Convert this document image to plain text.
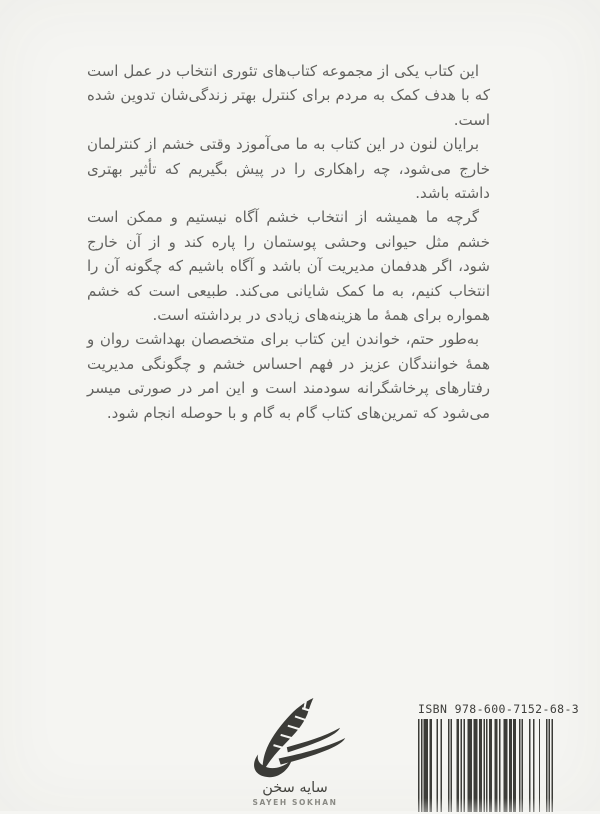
این کتاب یکی از مجموعه کتاب‌های تئوری انتخاب در عمل است که با هدف کمک به مردم برای کنترل بهتر زندگی‌شان تدوین شده است.

برایان لنون در این کتاب به ما می‌آموزد وقتی خشم از کنترلمان خارج می‌شود، چه راهکاری را در پیش بگیریم که تأثیر بهتری داشته باشد.

گرچه ما همیشه از انتخاب خشم آگاه نیستیم و ممکن است خشم مثل حیوانی وحشی پوستمان را پاره کند و از آن خارج شود، اگر هدفمان مدیریت آن باشد و آگاه باشیم که چگونه آن را انتخاب کنیم، به ما کمک شایانی می‌کند. طبیعی است که خشم همواره برای همهٔ ما هزینه‌های زیادی در برداشته است.

به‌طور حتم، خواندن این کتاب برای متخصصان بهداشت روان و همهٔ خوانندگان عزیز در فهم احساس خشم و چگونگی مدیریت رفتارهای پرخاشگرانه سودمند است و این امر در صورتی میسر می‌شود که تمرین‌های کتاب گام به گام و با حوصله انجام شود.

سایه سخن
SAYEH SOKHAN
ISBN 978-600-7152-68-3
